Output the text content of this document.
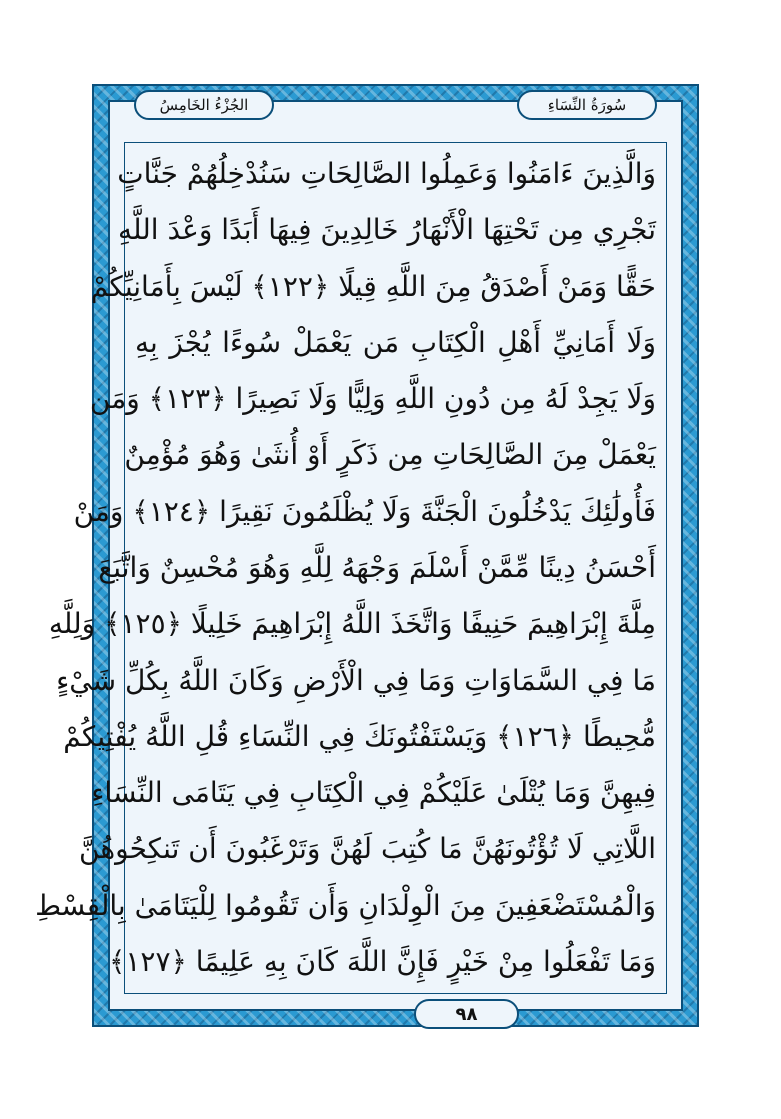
الجُزْءُ الخَامِسُ	سُورَةُ النِّسَاءِ
٩٨
وَالَّذِينَ ءَامَنُوا وَعَمِلُوا الصَّالِحَاتِ سَنُدْخِلُهُمْ جَنَّاتٍ
تَجْرِي مِن تَحْتِهَا الْأَنْهَارُ خَالِدِينَ فِيهَا أَبَدًا وَعْدَ اللَّهِ
حَقًّا وَمَنْ أَصْدَقُ مِنَ اللَّهِ قِيلًا ﴿١٢٢﴾ لَيْسَ بِأَمَانِيِّكُمْ
وَلَا أَمَانِيِّ أَهْلِ الْكِتَابِ مَن يَعْمَلْ سُوءًا يُجْزَ بِهِ
وَلَا يَجِدْ لَهُ مِن دُونِ اللَّهِ وَلِيًّا وَلَا نَصِيرًا ﴿١٢٣﴾ وَمَن
يَعْمَلْ مِنَ الصَّالِحَاتِ مِن ذَكَرٍ أَوْ أُنثَىٰ وَهُوَ مُؤْمِنٌ
فَأُولَٰئِكَ يَدْخُلُونَ الْجَنَّةَ وَلَا يُظْلَمُونَ نَقِيرًا ﴿١٢٤﴾ وَمَنْ
أَحْسَنُ دِينًا مِّمَّنْ أَسْلَمَ وَجْهَهُ لِلَّهِ وَهُوَ مُحْسِنٌ وَاتَّبَعَ
مِلَّةَ إِبْرَاهِيمَ حَنِيفًا وَاتَّخَذَ اللَّهُ إِبْرَاهِيمَ خَلِيلًا ﴿١٢٥﴾ وَلِلَّهِ
مَا فِي السَّمَاوَاتِ وَمَا فِي الْأَرْضِ وَكَانَ اللَّهُ بِكُلِّ شَيْءٍ
مُّحِيطًا ﴿١٢٦﴾ وَيَسْتَفْتُونَكَ فِي النِّسَاءِ قُلِ اللَّهُ يُفْتِيكُمْ
فِيهِنَّ وَمَا يُتْلَىٰ عَلَيْكُمْ فِي الْكِتَابِ فِي يَتَامَى النِّسَاءِ
اللَّاتِي لَا تُؤْتُونَهُنَّ مَا كُتِبَ لَهُنَّ وَتَرْغَبُونَ أَن تَنكِحُوهُنَّ
وَالْمُسْتَضْعَفِينَ مِنَ الْوِلْدَانِ وَأَن تَقُومُوا لِلْيَتَامَىٰ بِالْقِسْطِ
وَمَا تَفْعَلُوا مِنْ خَيْرٍ فَإِنَّ اللَّهَ كَانَ بِهِ عَلِيمًا ﴿١٢٧﴾
